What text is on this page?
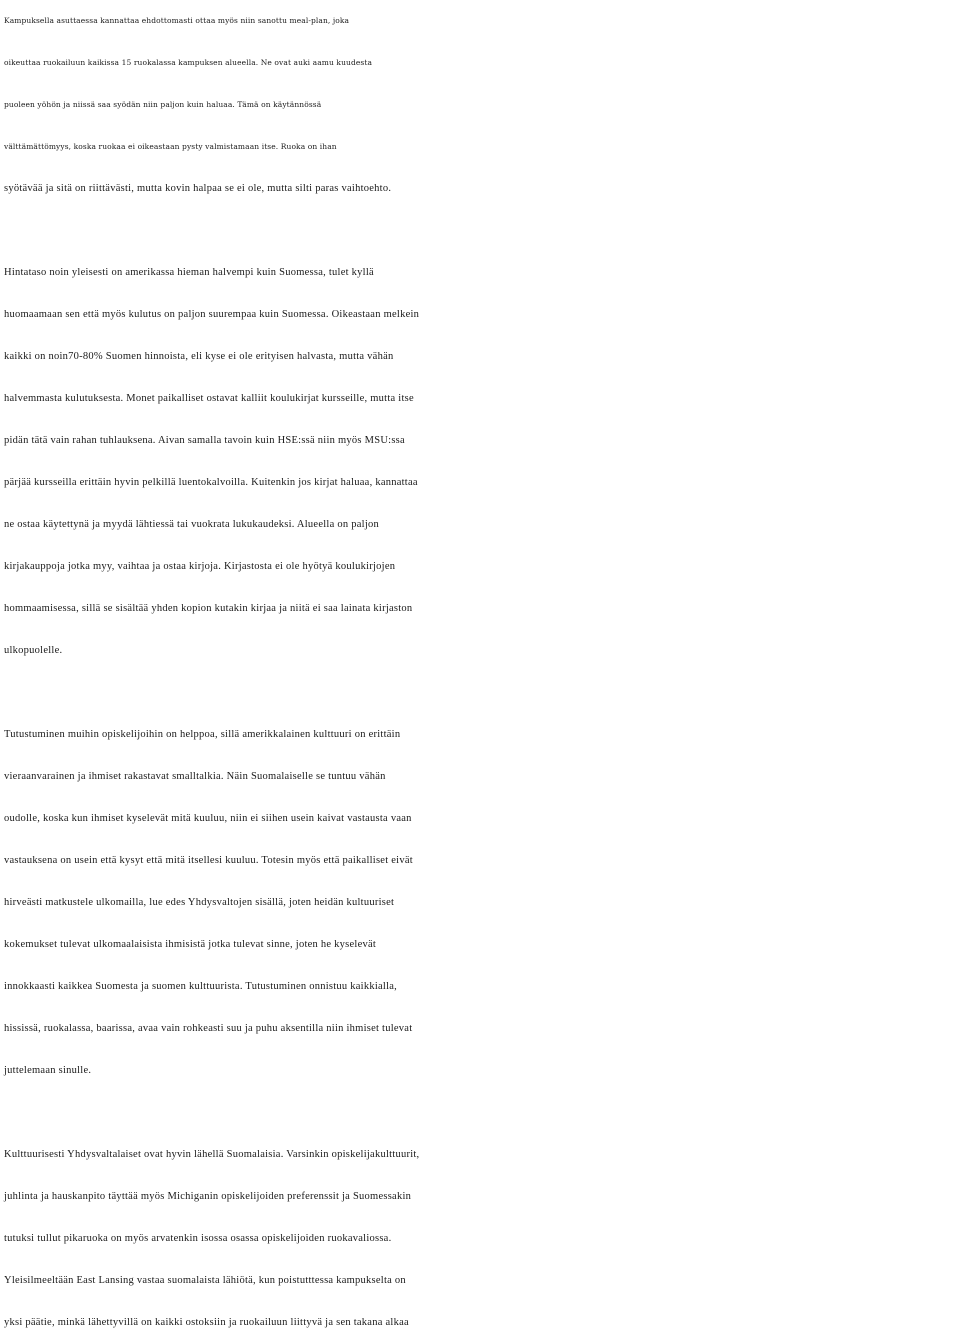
Kampuksella asuttaessa kannattaa ehdottomasti ottaa myös niin sanottu meal-plan, joka
oikeuttaa ruokailuun kaikissa 15 ruokalassa kampuksen alueella. Ne ovat auki aamu kuudesta
puoleen yöhön ja niissä saa syödän niin paljon kuin haluaa. Tämä on käytännössä
välttämättömyys, koska ruokaa ei oikeastaan pysty valmistamaan itse. Ruoka on ihan
syötävää ja sitä on riittävästi, mutta kovin halpaa se ei ole, mutta silti paras vaihtoehto.
Hintataso noin yleisesti on amerikassa hieman halvempi kuin Suomessa, tulet kyllä
huomaamaan sen että myös kulutus on paljon suurempaa kuin Suomessa. Oikeastaan melkein
kaikki on noin70-80% Suomen hinnoista, eli kyse ei ole erityisen halvasta, mutta vähän
halvemmasta kulutuksesta. Monet paikalliset ostavat kalliit koulukirjat kursseille, mutta itse
pidän tätä vain rahan tuhlauksena. Aivan samalla tavoin kuin HSE:ssä niin myös MSU:ssa
pärjää kursseilla erittäin hyvin pelkillä luentokalvoilla. Kuitenkin jos kirjat haluaa, kannattaa
ne ostaa käytettynä ja myydä lähtiessä tai vuokrata lukukaudeksi. Alueella on paljon
kirjakauppoja jotka myy, vaihtaa ja ostaa kirjoja. Kirjastosta ei ole hyötyä koulukirjojen
hommaamisessa, sillä se sisältää yhden kopion kutakin kirjaa ja niitä ei saa lainata kirjaston
ulkopuolelle.
Tutustuminen muihin opiskelijoihin on helppoa, sillä amerikkalainen kulttuuri on erittäin
vieraanvarainen ja ihmiset rakastavat smalltalkia. Näin Suomalaiselle se tuntuu vähän
oudolle, koska kun ihmiset kyselevät mitä kuuluu, niin ei siihen usein kaivat vastausta vaan
vastauksena on usein että kysyt että mitä itsellesi kuuluu. Totesin myös että paikalliset eivät
hirveästi matkustele ulkomailla, lue edes Yhdysvaltojen sisällä, joten heidän kultuuriset
kokemukset tulevat ulkomaalaisista ihmisistä jotka tulevat sinne, joten he kyselevät
innokkaasti kaikkea Suomesta ja suomen kulttuurista. Tutustuminen onnistuu kaikkialla,
hississä, ruokalassa, baarissa, avaa vain rohkeasti suu ja puhu aksentilla niin ihmiset tulevat
juttelemaan sinulle.
Kulttuurisesti Yhdysvaltalaiset ovat hyvin lähellä Suomalaisia. Varsinkin opiskelijakulttuurit,
juhlinta ja hauskanpito täyttää myös Michiganin opiskelijoiden preferenssit ja Suomessakin
tutuksi tullut pikaruoka on myös arvatenkin isossa osassa opiskelijoiden ruokavaliossa.
Yleisilmeeltään East Lansing vastaa suomalaista lähiötä, kun poistutttessa kampukselta on
yksi päätie, minkä lähettyvillä on kaikki ostoksiin ja ruokailuun liittyvä ja sen takana alkaa
